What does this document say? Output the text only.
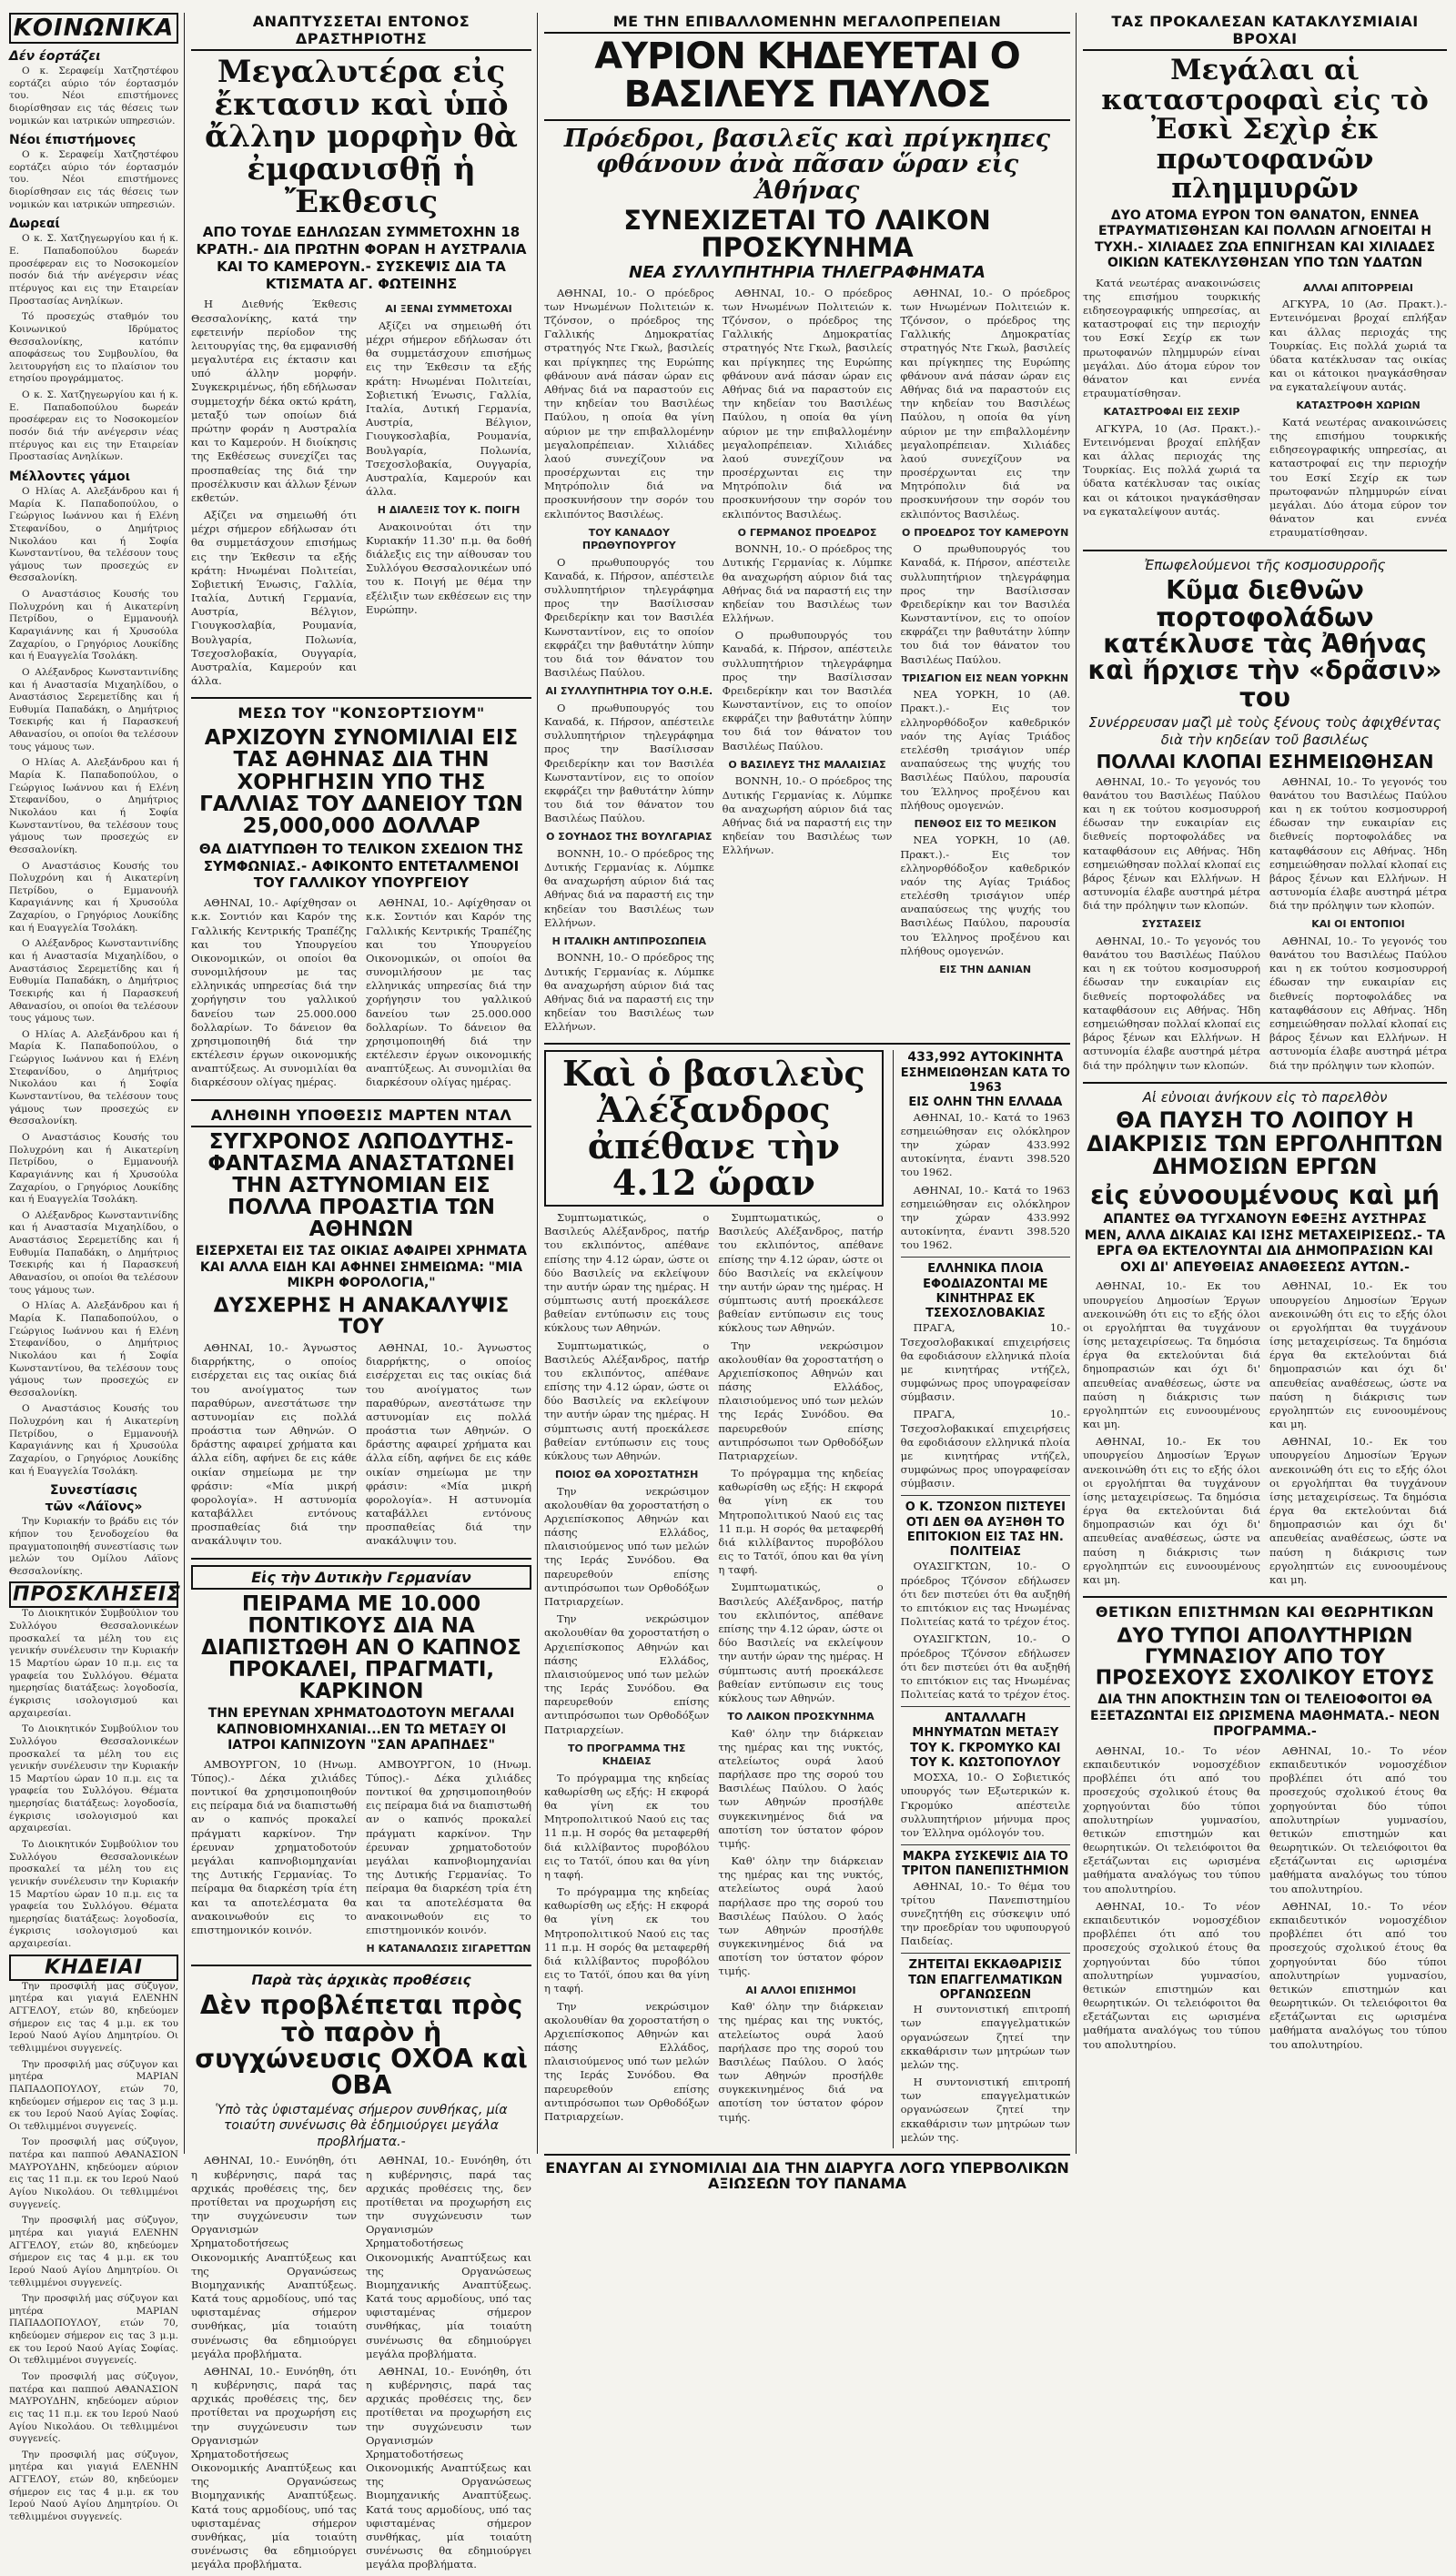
ΚΟΙΝΩΝΙΚΑ
Δέν έορτάζει

Ο κ. Σεραφείμ Χατζηστέφου εορτάζει αύριο τόν έορτασμόν του. Νέοι επιστήμονες διορίσθησαν εις τάς θέσεις των νομικών και ιατρικών υπηρεσιών.

Νέοι έπιστήμονες

Ο κ. Σεραφείμ Χατζηστέφου εορτάζει αύριο τόν έορτασμόν του. Νέοι επιστήμονες διορίσθησαν εις τάς θέσεις των νομικών και ιατρικών υπηρεσιών.

Δωρεαί

Ο κ. Σ. Χατζηγεωργίου και ή κ. Ε. Παπαδοπούλου δωρεάν προσέφεραν εις το Νοσοκομείον ποσόν διά τήν ανέγερσιν νέας πτέρυγος και εις την Εταιρείαν Προστασίας Ανηλίκων.

Τό προσεχώς σταθμόν του Κοινωνικού Ιδρύματος Θεσσαλονίκης, κατόπιν αποφάσεως του Συμβουλίου, θα λειτουργήση εις το πλαίσιον του ετησίου προγράμματος.

Ο κ. Σ. Χατζηγεωργίου και ή κ. Ε. Παπαδοπούλου δωρεάν προσέφεραν εις το Νοσοκομείον ποσόν διά τήν ανέγερσιν νέας πτέρυγος και εις την Εταιρείαν Προστασίας Ανηλίκων.

Μέλλοντες γάμοι

Ο Ηλίας Α. Αλεξάνδρου και ή Μαρία Κ. Παπαδοπούλου, ο Γεώργιος Ιωάννου και ή Ελένη Στεφανίδου, ο Δημήτριος Νικολάου και ή Σοφία Κωνσταντίνου, θα τελέσουν τους γάμους των προσεχώς εν Θεσσαλονίκη.

Ο Αναστάσιος Κουσής του Πολυχρόνη και ή Αικατερίνη Πετρίδου, ο Εμμανουήλ Καραγιάννης και ή Χρυσούλα Ζαχαρίου, ο Γρηγόριος Λουκίδης και ή Ευαγγελία Τσολάκη.

Ο Αλέξανδρος Κωνσταντινίδης και ή Αναστασία Μιχαηλίδου, ο Αναστάσιος Σερεμετίδης και ή Ευθυμία Παπαδάκη, ο Δημήτριος Τσεκιρής και ή Παρασκευή Αθανασίου, οι οποίοι θα τελέσουν τους γάμους των.

Ο Ηλίας Α. Αλεξάνδρου και ή Μαρία Κ. Παπαδοπούλου, ο Γεώργιος Ιωάννου και ή Ελένη Στεφανίδου, ο Δημήτριος Νικολάου και ή Σοφία Κωνσταντίνου, θα τελέσουν τους γάμους των προσεχώς εν Θεσσαλονίκη.

Ο Αναστάσιος Κουσής του Πολυχρόνη και ή Αικατερίνη Πετρίδου, ο Εμμανουήλ Καραγιάννης και ή Χρυσούλα Ζαχαρίου, ο Γρηγόριος Λουκίδης και ή Ευαγγελία Τσολάκη.

Ο Αλέξανδρος Κωνσταντινίδης και ή Αναστασία Μιχαηλίδου, ο Αναστάσιος Σερεμετίδης και ή Ευθυμία Παπαδάκη, ο Δημήτριος Τσεκιρής και ή Παρασκευή Αθανασίου, οι οποίοι θα τελέσουν τους γάμους των.

Ο Ηλίας Α. Αλεξάνδρου και ή Μαρία Κ. Παπαδοπούλου, ο Γεώργιος Ιωάννου και ή Ελένη Στεφανίδου, ο Δημήτριος Νικολάου και ή Σοφία Κωνσταντίνου, θα τελέσουν τους γάμους των προσεχώς εν Θεσσαλονίκη.

Ο Αναστάσιος Κουσής του Πολυχρόνη και ή Αικατερίνη Πετρίδου, ο Εμμανουήλ Καραγιάννης και ή Χρυσούλα Ζαχαρίου, ο Γρηγόριος Λουκίδης και ή Ευαγγελία Τσολάκη.

Ο Αλέξανδρος Κωνσταντινίδης και ή Αναστασία Μιχαηλίδου, ο Αναστάσιος Σερεμετίδης και ή Ευθυμία Παπαδάκη, ο Δημήτριος Τσεκιρής και ή Παρασκευή Αθανασίου, οι οποίοι θα τελέσουν τους γάμους των.

Ο Ηλίας Α. Αλεξάνδρου και ή Μαρία Κ. Παπαδοπούλου, ο Γεώργιος Ιωάννου και ή Ελένη Στεφανίδου, ο Δημήτριος Νικολάου και ή Σοφία Κωνσταντίνου, θα τελέσουν τους γάμους των προσεχώς εν Θεσσαλονίκη.

Ο Αναστάσιος Κουσής του Πολυχρόνη και ή Αικατερίνη Πετρίδου, ο Εμμανουήλ Καραγιάννης και ή Χρυσούλα Ζαχαρίου, ο Γρηγόριος Λουκίδης και ή Ευαγγελία Τσολάκη.

Συνεστίασις
τῶν «Λάϊονς»

Την Κυριακήν το βράδυ εις τόν κήπον του ξενοδοχείου θα πραγματοποιηθή συνεστίασις των μελών του Ομίλου Λάϊονς Θεσσαλονίκης.

ΠΡΟΣΚΛΗΣΕΙΣ

Το Διοικητικόν Συμβούλιον του Συλλόγου Θεσσαλονικέων προσκαλεί τα μέλη του εις γενικήν συνέλευσιν την Κυριακήν 15 Μαρτίου ώραν 10 π.μ. εις τα γραφεία του Συλλόγου. Θέματα ημερησίας διατάξεως: λογοδοσία, έγκρισις ισολογισμού και αρχαιρεσίαι.

Το Διοικητικόν Συμβούλιον του Συλλόγου Θεσσαλονικέων προσκαλεί τα μέλη του εις γενικήν συνέλευσιν την Κυριακήν 15 Μαρτίου ώραν 10 π.μ. εις τα γραφεία του Συλλόγου. Θέματα ημερησίας διατάξεως: λογοδοσία, έγκρισις ισολογισμού και αρχαιρεσίαι.

Το Διοικητικόν Συμβούλιον του Συλλόγου Θεσσαλονικέων προσκαλεί τα μέλη του εις γενικήν συνέλευσιν την Κυριακήν 15 Μαρτίου ώραν 10 π.μ. εις τα γραφεία του Συλλόγου. Θέματα ημερησίας διατάξεως: λογοδοσία, έγκρισις ισολογισμού και αρχαιρεσίαι.

ΚΗΔΕΙΑΙ

Την προσφιλή μας σύζυγον, μητέρα και γιαγιά ΕΛΕΝΗΝ ΑΓΓΕΛΟΥ, ετών 80, κηδεύομεν σήμερον εις τας 4 μ.μ. εκ του Ιερού Ναού Αγίου Δημητρίου. Οι τεθλιμμένοι συγγενείς.

Την προσφιλή μας σύζυγον και μητέρα ΜΑΡΙΑΝ ΠΑΠΑΔΟΠΟΥΛΟΥ, ετών 70, κηδεύομεν σήμερον εις τας 3 μ.μ. εκ του Ιερού Ναού Αγίας Σοφίας. Οι τεθλιμμένοι συγγενείς.

Τον προσφιλή μας σύζυγον, πατέρα και παππού ΑΘΑΝΑΣΙΟΝ ΜΑΥΡΟΥΔΗΝ, κηδεύομεν αύριον εις τας 11 π.μ. εκ του Ιερού Ναού Αγίου Νικολάου. Οι τεθλιμμένοι συγγενείς.

Την προσφιλή μας σύζυγον, μητέρα και γιαγιά ΕΛΕΝΗΝ ΑΓΓΕΛΟΥ, ετών 80, κηδεύομεν σήμερον εις τας 4 μ.μ. εκ του Ιερού Ναού Αγίου Δημητρίου. Οι τεθλιμμένοι συγγενείς.

Την προσφιλή μας σύζυγον και μητέρα ΜΑΡΙΑΝ ΠΑΠΑΔΟΠΟΥΛΟΥ, ετών 70, κηδεύομεν σήμερον εις τας 3 μ.μ. εκ του Ιερού Ναού Αγίας Σοφίας. Οι τεθλιμμένοι συγγενείς.

Τον προσφιλή μας σύζυγον, πατέρα και παππού ΑΘΑΝΑΣΙΟΝ ΜΑΥΡΟΥΔΗΝ, κηδεύομεν αύριον εις τας 11 π.μ. εκ του Ιερού Ναού Αγίου Νικολάου. Οι τεθλιμμένοι συγγενείς.

Την προσφιλή μας σύζυγον, μητέρα και γιαγιά ΕΛΕΝΗΝ ΑΓΓΕΛΟΥ, ετών 80, κηδεύομεν σήμερον εις τας 4 μ.μ. εκ του Ιερού Ναού Αγίου Δημητρίου. Οι τεθλιμμένοι συγγενείς.

ΑΝΑΠΤΥΣΣΕΤΑΙ ΕΝΤΟΝΟΣ ΔΡΑΣΤΗΡΙΟΤΗΣ
Μεγαλυτέρα εἰς ἔκτασιν καὶ ὑπὸ ἄλλην μορφὴν θὰ ἐμφανισθῇ ἡ Ἔκθεσις
ΑΠΟ ΤΟΥΔΕ ΕΔΗΛΩΣΑΝ ΣΥΜΜΕΤΟΧΗΝ 18 ΚΡΑΤΗ.- ΔΙΑ ΠΡΩΤΗΝ ΦΟΡΑΝ Η ΑΥΣΤΡΑΛΙΑ ΚΑΙ ΤΟ ΚΑΜΕΡΟΥΝ.- ΣΥΣΚΕΨΙΣ ΔΙΑ ΤΑ ΚΤΙΣΜΑΤΑ ΑΓ. ΦΩΤΕΙΝΗΣ

Η Διεθνής Έκθεσις Θεσσαλονίκης, κατά την εφετεινήν περίοδον της λειτουργίας της, θα εμφανισθή μεγαλυτέρα εις έκτασιν και υπό άλλην μορφήν. Συγκεκριμένως, ήδη εδήλωσαν συμμετοχήν δέκα οκτώ κράτη, μεταξύ των οποίων διά πρώτην φοράν η Αυστραλία και το Καμερούν. Η διοίκησις της Εκθέσεως συνεχίζει τας προσπαθείας της διά την προσέλκυσιν και άλλων ξένων εκθετών.

Αξίζει να σημειωθή ότι μέχρι σήμερον εδήλωσαν ότι θα συμμετάσχουν επισήμως εις την Έκθεσιν τα εξής κράτη: Ηνωμέναι Πολιτείαι, Σοβιετική Ένωσις, Γαλλία, Ιταλία, Δυτική Γερμανία, Αυστρία, Βέλγιον, Γιουγκοσλαβία, Ρουμανία, Βουλγαρία, Πολωνία, Τσεχοσλοβακία, Ουγγαρία, Αυστραλία, Καμερούν και άλλα.

ΑΙ ΞΕΝΑΙ ΣΥΜΜΕΤΟΧΑΙ

Αξίζει να σημειωθή ότι μέχρι σήμερον εδήλωσαν ότι θα συμμετάσχουν επισήμως εις την Έκθεσιν τα εξής κράτη: Ηνωμέναι Πολιτείαι, Σοβιετική Ένωσις, Γαλλία, Ιταλία, Δυτική Γερμανία, Αυστρία, Βέλγιον, Γιουγκοσλαβία, Ρουμανία, Βουλγαρία, Πολωνία, Τσεχοσλοβακία, Ουγγαρία, Αυστραλία, Καμερούν και άλλα.

Η ΔΙΑΛΕΞΙΣ ΤΟΥ Κ. ΠΟΙΓΗ

Ανακοινούται ότι την Κυριακήν 11.30' π.μ. θα δοθή διάλεξις εις την αίθουσαν του Συλλόγου Θεσσαλονικέων υπό του κ. Ποιγή με θέμα την εξέλιξιν των εκθέσεων εις την Ευρώπην.

ΜΕΣΩ ΤΟΥ "ΚΟΝΣΟΡΤΣΙΟΥΜ"
ΑΡΧΙΖΟΥΝ ΣΥΝΟΜΙΛΙΑΙ ΕΙΣ ΤΑΣ ΑΘΗΝΑΣ ΔΙΑ ΤΗΝ ΧΟΡΗΓΗΣΙΝ ΥΠΟ ΤΗΣ ΓΑΛΛΙΑΣ ΤΟΥ ΔΑΝΕΙΟΥ ΤΩΝ 25,000,000 ΔΟΛΛΑΡ
ΘΑ ΔΙΑΤΥΠΩΘΗ ΤΟ ΤΕΛΙΚΟΝ ΣΧΕΔΙΟΝ ΤΗΣ ΣΥΜΦΩΝΙΑΣ.- ΑΦΙΚΟΝΤΟ ΕΝΤΕΤΑΛΜΕΝΟΙ ΤΟΥ ΓΑΛΛΙΚΟΥ ΥΠΟΥΡΓΕΙΟΥ

ΑΘΗΝΑΙ, 10.- Αφίχθησαν οι κ.κ. Σοντιόν και Καρόν της Γαλλικής Κεντρικής Τραπέζης και του Υπουργείου Οικονομικών, οι οποίοι θα συνομιλήσουν με τας ελληνικάς υπηρεσίας διά την χορήγησιν του γαλλικού δανείου των 25.000.000 δολλαρίων. Το δάνειον θα χρησιμοποιηθή διά την εκτέλεσιν έργων οικονομικής αναπτύξεως. Αι συνομιλίαι θα διαρκέσουν ολίγας ημέρας.

ΑΘΗΝΑΙ, 10.- Αφίχθησαν οι κ.κ. Σοντιόν και Καρόν της Γαλλικής Κεντρικής Τραπέζης και του Υπουργείου Οικονομικών, οι οποίοι θα συνομιλήσουν με τας ελληνικάς υπηρεσίας διά την χορήγησιν του γαλλικού δανείου των 25.000.000 δολλαρίων. Το δάνειον θα χρησιμοποιηθή διά την εκτέλεσιν έργων οικονομικής αναπτύξεως. Αι συνομιλίαι θα διαρκέσουν ολίγας ημέρας.

ΑΛΗΘΙΝΗ ΥΠΟΘΕΣΙΣ ΜΑΡΤΕΝ ΝΤΑΛ
ΣΥΓΧΡΟΝΟΣ ΛΩΠΟΔΥΤΗΣ-ΦΑΝΤΑΣΜΑ ΑΝΑΣΤΑΤΩΝΕΙ ΤΗΝ ΑΣΤΥΝΟΜΙΑΝ ΕΙΣ ΠΟΛΛΑ ΠΡΟΑΣΤΙΑ ΤΩΝ ΑΘΗΝΩΝ
ΕΙΣΕΡΧΕΤΑΙ ΕΙΣ ΤΑΣ ΟΙΚΙΑΣ ΑΦΑΙΡΕΙ ΧΡΗΜΑΤΑ ΚΑΙ ΑΛΛΑ ΕΙΔΗ ΚΑΙ ΑΦΗΝΕΙ ΣΗΜΕΙΩΜΑ: "ΜΙΑ ΜΙΚΡΗ ΦΟΡΟΛΟΓΙΑ,"
ΔΥΣΧΕΡΗΣ Η ΑΝΑΚΑΛΥΨΙΣ ΤΟΥ

ΑΘΗΝΑΙ, 10.- Άγνωστος διαρρήκτης, ο οποίος εισέρχεται εις τας οικίας διά του ανοίγματος των παραθύρων, ανεστάτωσε την αστυνομίαν εις πολλά προάστια των Αθηνών. Ο δράστης αφαιρεί χρήματα και άλλα είδη, αφήνει δε εις κάθε οικίαν σημείωμα με την φράσιν: «Μία μικρή φορολογία». Η αστυνομία καταβάλλει εντόνους προσπαθείας διά την ανακάλυψιν του.

ΑΘΗΝΑΙ, 10.- Άγνωστος διαρρήκτης, ο οποίος εισέρχεται εις τας οικίας διά του ανοίγματος των παραθύρων, ανεστάτωσε την αστυνομίαν εις πολλά προάστια των Αθηνών. Ο δράστης αφαιρεί χρήματα και άλλα είδη, αφήνει δε εις κάθε οικίαν σημείωμα με την φράσιν: «Μία μικρή φορολογία». Η αστυνομία καταβάλλει εντόνους προσπαθείας διά την ανακάλυψιν του.

Εἰς τὴν Δυτικὴν Γερμανίαν
ΠΕΙΡΑΜΑ ΜΕ 10.000 ΠΟΝΤΙΚΟΥΣ ΔΙΑ ΝΑ ΔΙΑΠΙΣΤΩΘΗ ΑΝ Ο ΚΑΠΝΟΣ ΠΡΟΚΑΛΕΙ, ΠΡΑΓΜΑΤΙ, ΚΑΡΚΙΝΟΝ
ΤΗΝ ΕΡΕΥΝΑΝ ΧΡΗΜΑΤΟΔΟΤΟΥΝ ΜΕΓΑΛΑΙ ΚΑΠΝΟΒΙΟΜΗΧΑΝΙΑΙ...ΕΝ ΤΩ ΜΕΤΑΞΥ ΟΙ ΙΑΤΡΟΙ ΚΑΠΝΙΖΟΥΝ "ΣΑΝ ΑΡΑΠΗΔΕΣ"

ΑΜΒΟΥΡΓΟΝ, 10 (Ηνωμ. Τύπος).- Δέκα χιλιάδες ποντικοί θα χρησιμοποιηθούν εις πείραμα διά να διαπιστωθή αν ο καπνός προκαλεί πράγματι καρκίνον. Την έρευναν χρηματοδοτούν μεγάλαι καπνοβιομηχανίαι της Δυτικής Γερμανίας. Το πείραμα θα διαρκέση τρία έτη και τα αποτελέσματα θα ανακοινωθούν εις το επιστημονικόν κοινόν.

ΑΜΒΟΥΡΓΟΝ, 10 (Ηνωμ. Τύπος).- Δέκα χιλιάδες ποντικοί θα χρησιμοποιηθούν εις πείραμα διά να διαπιστωθή αν ο καπνός προκαλεί πράγματι καρκίνον. Την έρευναν χρηματοδοτούν μεγάλαι καπνοβιομηχανίαι της Δυτικής Γερμανίας. Το πείραμα θα διαρκέση τρία έτη και τα αποτελέσματα θα ανακοινωθούν εις το επιστημονικόν κοινόν.

Η ΚΑΤΑΝΑΛΩΣΙΣ ΣΙΓΑΡΕΤΤΩΝ
Παρὰ τὰς ἀρχικὰς προθέσεις
Δὲν προβλέπεται πρὸς τὸ παρὸν ἡ συγχώνευσις ΟΧΟΑ καὶ ΟΒΑ
Ὑπὸ τὰς ὑφισταμένας σήμερον συνθήκας, μία τοιαύτη συνένωσις θὰ ἐδημιούργει μεγάλα προβλήματα.-

ΑΘΗΝΑΙ, 10.- Ευνόηθη, ότι η κυβέρνησις, παρά τας αρχικάς προθέσεις της, δεν προτίθεται να προχωρήση εις την συγχώνευσιν των Οργανισμών Χρηματοδοτήσεως Οικονομικής Αναπτύξεως και της Οργανώσεως Βιομηχανικής Αναπτύξεως. Κατά τους αρμοδίους, υπό τας υφισταμένας σήμερον συνθήκας, μία τοιαύτη συνένωσις θα εδημιούργει μεγάλα προβλήματα.

ΑΘΗΝΑΙ, 10.- Ευνόηθη, ότι η κυβέρνησις, παρά τας αρχικάς προθέσεις της, δεν προτίθεται να προχωρήση εις την συγχώνευσιν των Οργανισμών Χρηματοδοτήσεως Οικονομικής Αναπτύξεως και της Οργανώσεως Βιομηχανικής Αναπτύξεως. Κατά τους αρμοδίους, υπό τας υφισταμένας σήμερον συνθήκας, μία τοιαύτη συνένωσις θα εδημιούργει μεγάλα προβλήματα.

ΑΘΗΝΑΙ, 10.- Ευνόηθη, ότι η κυβέρνησις, παρά τας αρχικάς προθέσεις της, δεν προτίθεται να προχωρήση εις την συγχώνευσιν των Οργανισμών Χρηματοδοτήσεως Οικονομικής Αναπτύξεως και της Οργανώσεως Βιομηχανικής Αναπτύξεως. Κατά τους αρμοδίους, υπό τας υφισταμένας σήμερον συνθήκας, μία τοιαύτη συνένωσις θα εδημιούργει μεγάλα προβλήματα.

ΑΘΗΝΑΙ, 10.- Ευνόηθη, ότι η κυβέρνησις, παρά τας αρχικάς προθέσεις της, δεν προτίθεται να προχωρήση εις την συγχώνευσιν των Οργανισμών Χρηματοδοτήσεως Οικονομικής Αναπτύξεως και της Οργανώσεως Βιομηχανικής Αναπτύξεως. Κατά τους αρμοδίους, υπό τας υφισταμένας σήμερον συνθήκας, μία τοιαύτη συνένωσις θα εδημιούργει μεγάλα προβλήματα.

ΜΕ ΤΗΝ ΕΠΙΒΑΛΛΟΜΕΝΗΝ ΜΕΓΑΛΟΠΡΕΠΕΙΑΝ
ΑΥΡΙΟΝ ΚΗΔΕΥΕΤΑΙ Ο ΒΑΣΙΛΕΥΣ ΠΑΥΛΟΣ
Πρόεδροι, βασιλεῖς καὶ πρίγκηπες φθάνουν ἀνὰ πᾶσαν ὥραν εἰς Ἀθήνας
ΣΥΝΕΧΙΖΕΤΑΙ ΤΟ ΛΑΙΚΟΝ ΠΡΟΣΚΥΝΗΜΑ
ΝΕΑ ΣΥΛΛΥΠΗΤΗΡΙΑ ΤΗΛΕΓΡΑΦΗΜΑΤΑ

ΑΘΗΝΑΙ, 10.- Ο πρόεδρος των Ηνωμένων Πολιτειών κ. Τζόνσον, ο πρόεδρος της Γαλλικής Δημοκρατίας στρατηγός Ντε Γκωλ, βασιλείς και πρίγκηπες της Ευρώπης φθάνουν ανά πάσαν ώραν εις Αθήνας διά να παραστούν εις την κηδείαν του Βασιλέως Παύλου, η οποία θα γίνη αύριον με την επιβαλλομένην μεγαλοπρέπειαν. Χιλιάδες λαού συνεχίζουν να προσέρχωνται εις την Μητρόπολιν διά να προσκυνήσουν την σορόν του εκλιπόντος Βασιλέως.

ΤΟΥ ΚΑΝΑΔΟΥ ΠΡΩΘΥΠΟΥΡΓΟΥ

Ο πρωθυπουργός του Καναδά, κ. Πήρσον, απέστειλε συλλυπητήριον τηλεγράφημα προς την Βασίλισσαν Φρειδερίκην και τον Βασιλέα Κωνσταντίνον, εις το οποίον εκφράζει την βαθυτάτην λύπην του διά τον θάνατον του Βασιλέως Παύλου.

ΑΙ ΣΥΛΛΥΠΗΤΗΡΙΑ ΤΟΥ Ο.Η.Ε.

Ο πρωθυπουργός του Καναδά, κ. Πήρσον, απέστειλε συλλυπητήριον τηλεγράφημα προς την Βασίλισσαν Φρειδερίκην και τον Βασιλέα Κωνσταντίνον, εις το οποίον εκφράζει την βαθυτάτην λύπην του διά τον θάνατον του Βασιλέως Παύλου.

Ο ΣΟΥΗΔΟΣ ΤΗΣ ΒΟΥΛΓΑΡΙΑΣ

ΒΟΝΝΗ, 10.- Ο πρόεδρος της Δυτικής Γερμανίας κ. Λύμπκε θα αναχωρήση αύριον διά τας Αθήνας διά να παραστή εις την κηδείαν του Βασιλέως των Ελλήνων.

Η ΙΤΑΛΙΚΗ ΑΝΤΙΠΡΟΣΩΠΕΙΑ

ΒΟΝΝΗ, 10.- Ο πρόεδρος της Δυτικής Γερμανίας κ. Λύμπκε θα αναχωρήση αύριον διά τας Αθήνας διά να παραστή εις την κηδείαν του Βασιλέως των Ελλήνων.

ΑΘΗΝΑΙ, 10.- Ο πρόεδρος των Ηνωμένων Πολιτειών κ. Τζόνσον, ο πρόεδρος της Γαλλικής Δημοκρατίας στρατηγός Ντε Γκωλ, βασιλείς και πρίγκηπες της Ευρώπης φθάνουν ανά πάσαν ώραν εις Αθήνας διά να παραστούν εις την κηδείαν του Βασιλέως Παύλου, η οποία θα γίνη αύριον με την επιβαλλομένην μεγαλοπρέπειαν. Χιλιάδες λαού συνεχίζουν να προσέρχωνται εις την Μητρόπολιν διά να προσκυνήσουν την σορόν του εκλιπόντος Βασιλέως.

Ο ΓΕΡΜΑΝΟΣ ΠΡΟΕΔΡΟΣ

ΒΟΝΝΗ, 10.- Ο πρόεδρος της Δυτικής Γερμανίας κ. Λύμπκε θα αναχωρήση αύριον διά τας Αθήνας διά να παραστή εις την κηδείαν του Βασιλέως των Ελλήνων.

Ο πρωθυπουργός του Καναδά, κ. Πήρσον, απέστειλε συλλυπητήριον τηλεγράφημα προς την Βασίλισσαν Φρειδερίκην και τον Βασιλέα Κωνσταντίνον, εις το οποίον εκφράζει την βαθυτάτην λύπην του διά τον θάνατον του Βασιλέως Παύλου.

Ο ΒΑΣΙΛΕΥΣ ΤΗΣ ΜΑΛΑΙΣΙΑΣ

ΒΟΝΝΗ, 10.- Ο πρόεδρος της Δυτικής Γερμανίας κ. Λύμπκε θα αναχωρήση αύριον διά τας Αθήνας διά να παραστή εις την κηδείαν του Βασιλέως των Ελλήνων.

ΑΘΗΝΑΙ, 10.- Ο πρόεδρος των Ηνωμένων Πολιτειών κ. Τζόνσον, ο πρόεδρος της Γαλλικής Δημοκρατίας στρατηγός Ντε Γκωλ, βασιλείς και πρίγκηπες της Ευρώπης φθάνουν ανά πάσαν ώραν εις Αθήνας διά να παραστούν εις την κηδείαν του Βασιλέως Παύλου, η οποία θα γίνη αύριον με την επιβαλλομένην μεγαλοπρέπειαν. Χιλιάδες λαού συνεχίζουν να προσέρχωνται εις την Μητρόπολιν διά να προσκυνήσουν την σορόν του εκλιπόντος Βασιλέως.

Ο ΠΡΟΕΔΡΟΣ ΤΟΥ ΚΑΜΕΡΟΥΝ

Ο πρωθυπουργός του Καναδά, κ. Πήρσον, απέστειλε συλλυπητήριον τηλεγράφημα προς την Βασίλισσαν Φρειδερίκην και τον Βασιλέα Κωνσταντίνον, εις το οποίον εκφράζει την βαθυτάτην λύπην του διά τον θάνατον του Βασιλέως Παύλου.

ΤΡΙΣΑΓΙΟΝ ΕΙΣ ΝΕΑΝ ΥΟΡΚΗΝ

ΝΕΑ ΥΟΡΚΗ, 10 (Αθ. Πρακτ.).- Εις τον ελληνορθόδοξον καθεδρικόν ναόν της Αγίας Τριάδος ετελέσθη τρισάγιον υπέρ αναπαύσεως της ψυχής του Βασιλέως Παύλου, παρουσία του Έλληνος προξένου και πλήθους ομογενών.

ΠΕΝΘΟΣ ΕΙΣ ΤΟ ΜΕΞΙΚΟΝ

ΝΕΑ ΥΟΡΚΗ, 10 (Αθ. Πρακτ.).- Εις τον ελληνορθόδοξον καθεδρικόν ναόν της Αγίας Τριάδος ετελέσθη τρισάγιον υπέρ αναπαύσεως της ψυχής του Βασιλέως Παύλου, παρουσία του Έλληνος προξένου και πλήθους ομογενών.

ΕΙΣ ΤΗΝ ΔΑΝΙΑΝ
Καὶ ὁ βασιλεὺς Ἀλέξανδρος ἀπέθανε τὴν 4.12 ὥραν

Συμπτωματικώς, ο Βασιλεύς Αλέξανδρος, πατήρ του εκλιπόντος, απέθανε επίσης την 4.12 ώραν, ώστε οι δύο Βασιλείς να εκλείψουν την αυτήν ώραν της ημέρας. Η σύμπτωσις αυτή προεκάλεσε βαθείαν εντύπωσιν εις τους κύκλους των Αθηνών.

Συμπτωματικώς, ο Βασιλεύς Αλέξανδρος, πατήρ του εκλιπόντος, απέθανε επίσης την 4.12 ώραν, ώστε οι δύο Βασιλείς να εκλείψουν την αυτήν ώραν της ημέρας. Η σύμπτωσις αυτή προεκάλεσε βαθείαν εντύπωσιν εις τους κύκλους των Αθηνών.

ΠΟΙΟΣ ΘΑ ΧΟΡΟΣΤΑΤΗΣΗ

Την νεκρώσιμον ακολουθίαν θα χοροστατήση ο Αρχιεπίσκοπος Αθηνών και πάσης Ελλάδος, πλαισιούμενος υπό των μελών της Ιεράς Συνόδου. Θα παρευρεθούν επίσης αντιπρόσωποι των Ορθοδόξων Πατριαρχείων.

Την νεκρώσιμον ακολουθίαν θα χοροστατήση ο Αρχιεπίσκοπος Αθηνών και πάσης Ελλάδος, πλαισιούμενος υπό των μελών της Ιεράς Συνόδου. Θα παρευρεθούν επίσης αντιπρόσωποι των Ορθοδόξων Πατριαρχείων.

ΤΟ ΠΡΟΓΡΑΜΜΑ ΤΗΣ ΚΗΔΕΙΑΣ

Το πρόγραμμα της κηδείας καθωρίσθη ως εξής: Η εκφορά θα γίνη εκ του Μητροπολιτικού Ναού εις τας 11 π.μ. Η σορός θα μεταφερθή διά κιλλίβαντος πυροβόλου εις το Τατόϊ, όπου και θα γίνη η ταφή.

Το πρόγραμμα της κηδείας καθωρίσθη ως εξής: Η εκφορά θα γίνη εκ του Μητροπολιτικού Ναού εις τας 11 π.μ. Η σορός θα μεταφερθή διά κιλλίβαντος πυροβόλου εις το Τατόϊ, όπου και θα γίνη η ταφή.

Την νεκρώσιμον ακολουθίαν θα χοροστατήση ο Αρχιεπίσκοπος Αθηνών και πάσης Ελλάδος, πλαισιούμενος υπό των μελών της Ιεράς Συνόδου. Θα παρευρεθούν επίσης αντιπρόσωποι των Ορθοδόξων Πατριαρχείων.

Συμπτωματικώς, ο Βασιλεύς Αλέξανδρος, πατήρ του εκλιπόντος, απέθανε επίσης την 4.12 ώραν, ώστε οι δύο Βασιλείς να εκλείψουν την αυτήν ώραν της ημέρας. Η σύμπτωσις αυτή προεκάλεσε βαθείαν εντύπωσιν εις τους κύκλους των Αθηνών.

Την νεκρώσιμον ακολουθίαν θα χοροστατήση ο Αρχιεπίσκοπος Αθηνών και πάσης Ελλάδος, πλαισιούμενος υπό των μελών της Ιεράς Συνόδου. Θα παρευρεθούν επίσης αντιπρόσωποι των Ορθοδόξων Πατριαρχείων.

Το πρόγραμμα της κηδείας καθωρίσθη ως εξής: Η εκφορά θα γίνη εκ του Μητροπολιτικού Ναού εις τας 11 π.μ. Η σορός θα μεταφερθή διά κιλλίβαντος πυροβόλου εις το Τατόϊ, όπου και θα γίνη η ταφή.

Συμπτωματικώς, ο Βασιλεύς Αλέξανδρος, πατήρ του εκλιπόντος, απέθανε επίσης την 4.12 ώραν, ώστε οι δύο Βασιλείς να εκλείψουν την αυτήν ώραν της ημέρας. Η σύμπτωσις αυτή προεκάλεσε βαθείαν εντύπωσιν εις τους κύκλους των Αθηνών.

ΤΟ ΛΑΙΚΟΝ ΠΡΟΣΚΥΝΗΜΑ

Καθ' όλην την διάρκειαν της ημέρας και της νυκτός, ατελείωτος ουρά λαού παρήλασε προ της σορού του Βασιλέως Παύλου. Ο λαός των Αθηνών προσήλθε συγκεκινημένος διά να αποτίση τον ύστατον φόρον τιμής.

Καθ' όλην την διάρκειαν της ημέρας και της νυκτός, ατελείωτος ουρά λαού παρήλασε προ της σορού του Βασιλέως Παύλου. Ο λαός των Αθηνών προσήλθε συγκεκινημένος διά να αποτίση τον ύστατον φόρον τιμής.

ΑΙ ΑΛΛΟΙ ΕΠΙΣΗΜΟΙ

Καθ' όλην την διάρκειαν της ημέρας και της νυκτός, ατελείωτος ουρά λαού παρήλασε προ της σορού του Βασιλέως Παύλου. Ο λαός των Αθηνών προσήλθε συγκεκινημένος διά να αποτίση τον ύστατον φόρον τιμής.

433,992 ΑΥΤΟΚΙΝΗΤΑ
ΕΣΗΜΕΙΩΘΗΣΑΝ ΚΑΤΑ ΤΟ 1963
ΕΙΣ ΟΛΗΝ ΤΗΝ ΕΛΛΑΔΑ

ΑΘΗΝΑΙ, 10.- Κατά το 1963 εσημειώθησαν εις ολόκληρον την χώραν 433.992 αυτοκίνητα, έναντι 398.520 του 1962.

ΑΘΗΝΑΙ, 10.- Κατά το 1963 εσημειώθησαν εις ολόκληρον την χώραν 433.992 αυτοκίνητα, έναντι 398.520 του 1962.

ΕΛΛΗΝΙΚΑ ΠΛΟΙΑ ΕΦΟΔΙΑΖΟΝΤΑΙ ΜΕ ΚΙΝΗΤΗΡΑΣ ΕΚ ΤΣΕΧΟΣΛΟΒΑΚΙΑΣ

ΠΡΑΓΑ, 10.- Τσεχοσλοβακικαί επιχειρήσεις θα εφοδιάσουν ελληνικά πλοία με κινητήρας ντήζελ, συμφώνως προς υπογραφείσαν σύμβασιν.

ΠΡΑΓΑ, 10.- Τσεχοσλοβακικαί επιχειρήσεις θα εφοδιάσουν ελληνικά πλοία με κινητήρας ντήζελ, συμφώνως προς υπογραφείσαν σύμβασιν.

Ο Κ. ΤΖΟΝΣΟΝ ΠΙΣΤΕΥΕΙ ΟΤΙ ΔΕΝ ΘΑ ΑΥΞΗΘΗ ΤΟ ΕΠΙΤΟΚΙΟΝ ΕΙΣ ΤΑΣ ΗΝ. ΠΟΛΙΤΕΙΑΣ

ΟΥΑΣΙΓΚΤΩΝ, 10.- Ο πρόεδρος Τζόνσον εδήλωσεν ότι δεν πιστεύει ότι θα αυξηθή το επιτόκιον εις τας Ηνωμένας Πολιτείας κατά το τρέχον έτος.

ΟΥΑΣΙΓΚΤΩΝ, 10.- Ο πρόεδρος Τζόνσον εδήλωσεν ότι δεν πιστεύει ότι θα αυξηθή το επιτόκιον εις τας Ηνωμένας Πολιτείας κατά το τρέχον έτος.

ΑΝΤΑΛΛΑΓΗ ΜΗΝΥΜΑΤΩΝ ΜΕΤΑΞΥ ΤΟΥ Κ. ΓΚΡΟΜΥΚΟ ΚΑΙ ΤΟΥ Κ. ΚΩΣΤΟΠΟΥΛΟΥ

ΜΟΣΧΑ, 10.- Ο Σοβιετικός υπουργός των Εξωτερικών κ. Γκρομύκο απέστειλε συλλυπητήριον μήνυμα προς τον Έλληνα ομόλογόν του.

ΜΑΚΡΑ ΣΥΣΚΕΨΙΣ ΔΙΑ ΤΟ ΤΡΙΤΟΝ ΠΑΝΕΠΙΣΤΗΜΙΟΝ

ΑΘΗΝΑΙ, 10.- Το θέμα του τρίτου Πανεπιστημίου συνεζητήθη εις σύσκεψιν υπό την προεδρίαν του υφυπουργού Παιδείας.

ΖΗΤΕΙΤΑΙ ΕΚΚΑΘΑΡΙΣΙΣ ΤΩΝ ΕΠΑΓΓΕΛΜΑΤΙΚΩΝ ΟΡΓΑΝΩΣΕΩΝ

Η συντονιστική επιτροπή των επαγγελματικών οργανώσεων ζητεί την εκκαθάρισιν των μητρώων των μελών της.

Η συντονιστική επιτροπή των επαγγελματικών οργανώσεων ζητεί την εκκαθάρισιν των μητρώων των μελών της.

ΕΝΑΥΓΑΝ ΑΙ ΣΥΝΟΜΙΛΙΑΙ ΔΙΑ ΤΗΝ ΔΙΑΡΥΓΑ ΛΟΓΩ ΥΠΕΡΒΟΛΙΚΩΝ ΑΞΙΩΣΕΩΝ ΤΟΥ ΠΑΝΑΜΑ
ΤΑΣ ΠΡΟΚΑΛΕΣΑΝ ΚΑΤΑΚΛΥΣΜΙΑΙΑΙ ΒΡΟΧΑΙ
Μεγάλαι αἱ καταστροφαὶ εἰς τὸ Ἐσκὶ Σεχὶρ ἐκ πρωτοφανῶν πλημμυρῶν
ΔΥΟ ΑΤΟΜΑ ΕΥΡΟΝ ΤΟΝ ΘΑΝΑΤΟΝ, ΕΝΝΕΑ ΕΤΡΑΥΜΑΤΙΣΘΗΣΑΝ ΚΑΙ ΠΟΛΛΩΝ ΑΓΝΟΕΙΤΑΙ Η ΤΥΧΗ.- ΧΙΛΙΑΔΕΣ ΖΩΑ ΕΠΝΙΓΗΣΑΝ ΚΑΙ ΧΙΛΙΑΔΕΣ ΟΙΚΙΩΝ ΚΑΤΕΚΛΥΣΘΗΣΑΝ ΥΠΟ ΤΩΝ ΥΔΑΤΩΝ

Κατά νεωτέρας ανακοινώσεις της επισήμου τουρκικής ειδησεογραφικής υπηρεσίας, αι καταστροφαί εις την περιοχήν του Εσκί Σεχίρ εκ των πρωτοφανών πλημμυρών είναι μεγάλαι. Δύο άτομα εύρον τον θάνατον και εννέα ετραυματίσθησαν.

ΚΑΤΑΣΤΡΟΦΑΙ ΕΙΣ ΣΕΧΙΡ

ΑΓΚΥΡΑ, 10 (Ασ. Πρακτ.).- Εντεινόμεναι βροχαί επλήξαν και άλλας περιοχάς της Τουρκίας. Εις πολλά χωριά τα ύδατα κατέκλυσαν τας οικίας και οι κάτοικοι ηναγκάσθησαν να εγκαταλείψουν αυτάς.

ΑΛΛΑΙ ΑΠΙΤΟΡΡΕΙΑΙ

ΑΓΚΥΡΑ, 10 (Ασ. Πρακτ.).- Εντεινόμεναι βροχαί επλήξαν και άλλας περιοχάς της Τουρκίας. Εις πολλά χωριά τα ύδατα κατέκλυσαν τας οικίας και οι κάτοικοι ηναγκάσθησαν να εγκαταλείψουν αυτάς.

ΚΑΤΑΣΤΡΟΦΗ ΧΩΡΙΩΝ

Κατά νεωτέρας ανακοινώσεις της επισήμου τουρκικής ειδησεογραφικής υπηρεσίας, αι καταστροφαί εις την περιοχήν του Εσκί Σεχίρ εκ των πρωτοφανών πλημμυρών είναι μεγάλαι. Δύο άτομα εύρον τον θάνατον και εννέα ετραυματίσθησαν.

Ἐπωφελούμενοι τῆς κοσμοσυρροῆς
Κῦμα διεθνῶν πορτοφολάδων κατέκλυσε τὰς Ἀθήνας καὶ ἤρχισε τὴν «δρᾶσιν» του
Συνέρρευσαν μαζὶ μὲ τοὺς ξένους τοὺς ἀφιχθέντας διὰ τὴν κηδείαν τοῦ βασιλέως
ΠΟΛΛΑΙ ΚΛΟΠΑΙ ΕΣΗΜΕΙΩΘΗΣΑΝ

ΑΘΗΝΑΙ, 10.- Το γεγονός του θανάτου του Βασιλέως Παύλου και η εκ τούτου κοσμοσυρροή έδωσαν την ευκαιρίαν εις διεθνείς πορτοφολάδες να καταφθάσουν εις Αθήνας. Ήδη εσημειώθησαν πολλαί κλοπαί εις βάρος ξένων και Ελλήνων. Η αστυνομία έλαβε αυστηρά μέτρα διά την πρόληψιν των κλοπών.

ΣΥΣΤΑΣΕΙΣ

ΑΘΗΝΑΙ, 10.- Το γεγονός του θανάτου του Βασιλέως Παύλου και η εκ τούτου κοσμοσυρροή έδωσαν την ευκαιρίαν εις διεθνείς πορτοφολάδες να καταφθάσουν εις Αθήνας. Ήδη εσημειώθησαν πολλαί κλοπαί εις βάρος ξένων και Ελλήνων. Η αστυνομία έλαβε αυστηρά μέτρα διά την πρόληψιν των κλοπών.

ΑΘΗΝΑΙ, 10.- Το γεγονός του θανάτου του Βασιλέως Παύλου και η εκ τούτου κοσμοσυρροή έδωσαν την ευκαιρίαν εις διεθνείς πορτοφολάδες να καταφθάσουν εις Αθήνας. Ήδη εσημειώθησαν πολλαί κλοπαί εις βάρος ξένων και Ελλήνων. Η αστυνομία έλαβε αυστηρά μέτρα διά την πρόληψιν των κλοπών.

ΚΑΙ ΟΙ ΕΝΤΟΠΙΟΙ

ΑΘΗΝΑΙ, 10.- Το γεγονός του θανάτου του Βασιλέως Παύλου και η εκ τούτου κοσμοσυρροή έδωσαν την ευκαιρίαν εις διεθνείς πορτοφολάδες να καταφθάσουν εις Αθήνας. Ήδη εσημειώθησαν πολλαί κλοπαί εις βάρος ξένων και Ελλήνων. Η αστυνομία έλαβε αυστηρά μέτρα διά την πρόληψιν των κλοπών.

Αἱ εὐνοιαι ἀνήκουν εἰς τὸ παρελθὸν
ΘΑ ΠΑΥΣΗ ΤΟ ΛΟΙΠΟΥ Η ΔΙΑΚΡΙΣΙΣ ΤΩΝ ΕΡΓΟΛΗΠΤΩΝ ΔΗΜΟΣΙΩΝ ΕΡΓΩΝ
εἰς εὐνοουμένους καὶ μή
ΑΠΑΝΤΕΣ ΘΑ ΤΥΓΧΑΝΟΥΝ ΕΦΕΞΗΣ ΑΥΣΤΗΡΑΣ ΜΕΝ, ΑΛΛΑ ΔΙΚΑΙΑΣ ΚΑΙ ΙΣΗΣ ΜΕΤΑΧΕΙΡΙΣΕΩΣ.- ΤΑ ΕΡΓΑ ΘΑ ΕΚΤΕΛΟΥΝΤΑΙ ΔΙΑ ΔΗΜΟΠΡΑΣΙΩΝ ΚΑΙ ΟΧΙ ΔΙ' ΑΠΕΥΘΕΙΑΣ ΑΝΑΘΕΣΕΩΣ ΑΥΤΩΝ.-

ΑΘΗΝΑΙ, 10.- Εκ του υπουργείου Δημοσίων Έργων ανεκοινώθη ότι εις το εξής όλοι οι εργολήπται θα τυγχάνουν ίσης μεταχειρίσεως. Τα δημόσια έργα θα εκτελούνται διά δημοπρασιών και όχι δι' απευθείας αναθέσεως, ώστε να παύση η διάκρισις των εργοληπτών εις ευνοουμένους και μη.

ΑΘΗΝΑΙ, 10.- Εκ του υπουργείου Δημοσίων Έργων ανεκοινώθη ότι εις το εξής όλοι οι εργολήπται θα τυγχάνουν ίσης μεταχειρίσεως. Τα δημόσια έργα θα εκτελούνται διά δημοπρασιών και όχι δι' απευθείας αναθέσεως, ώστε να παύση η διάκρισις των εργοληπτών εις ευνοουμένους και μη.

ΑΘΗΝΑΙ, 10.- Εκ του υπουργείου Δημοσίων Έργων ανεκοινώθη ότι εις το εξής όλοι οι εργολήπται θα τυγχάνουν ίσης μεταχειρίσεως. Τα δημόσια έργα θα εκτελούνται διά δημοπρασιών και όχι δι' απευθείας αναθέσεως, ώστε να παύση η διάκρισις των εργοληπτών εις ευνοουμένους και μη.

ΑΘΗΝΑΙ, 10.- Εκ του υπουργείου Δημοσίων Έργων ανεκοινώθη ότι εις το εξής όλοι οι εργολήπται θα τυγχάνουν ίσης μεταχειρίσεως. Τα δημόσια έργα θα εκτελούνται διά δημοπρασιών και όχι δι' απευθείας αναθέσεως, ώστε να παύση η διάκρισις των εργοληπτών εις ευνοουμένους και μη.

ΘΕΤΙΚΩΝ ΕΠΙΣΤΗΜΩΝ ΚΑΙ ΘΕΩΡΗΤΙΚΩΝ
ΔΥΟ ΤΥΠΟΙ ΑΠΟΛΥΤΗΡΙΩΝ ΓΥΜΝΑΣΙΟΥ ΑΠΟ ΤΟΥ ΠΡΟΣΕΧΟΥΣ ΣΧΟΛΙΚΟΥ ΕΤΟΥΣ
ΔΙΑ ΤΗΝ ΑΠΟΚΤΗΣΙΝ ΤΩΝ ΟΙ ΤΕΛΕΙΟΦΟΙΤΟΙ ΘΑ ΕΞΕΤΑΖΩΝΤΑΙ ΕΙΣ ΩΡΙΣΜΕΝΑ ΜΑΘΗΜΑΤΑ.- ΝΕΟΝ ΠΡΟΓΡΑΜΜΑ.-

ΑΘΗΝΑΙ, 10.- Το νέον εκπαιδευτικόν νομοσχέδιον προβλέπει ότι από του προσεχούς σχολικού έτους θα χορηγούνται δύο τύποι απολυτηρίων γυμνασίου, θετικών επιστημών και θεωρητικών. Οι τελειόφοιτοι θα εξετάζωνται εις ωρισμένα μαθήματα αναλόγως του τύπου του απολυτηρίου.

ΑΘΗΝΑΙ, 10.- Το νέον εκπαιδευτικόν νομοσχέδιον προβλέπει ότι από του προσεχούς σχολικού έτους θα χορηγούνται δύο τύποι απολυτηρίων γυμνασίου, θετικών επιστημών και θεωρητικών. Οι τελειόφοιτοι θα εξετάζωνται εις ωρισμένα μαθήματα αναλόγως του τύπου του απολυτηρίου.

ΑΘΗΝΑΙ, 10.- Το νέον εκπαιδευτικόν νομοσχέδιον προβλέπει ότι από του προσεχούς σχολικού έτους θα χορηγούνται δύο τύποι απολυτηρίων γυμνασίου, θετικών επιστημών και θεωρητικών. Οι τελειόφοιτοι θα εξετάζωνται εις ωρισμένα μαθήματα αναλόγως του τύπου του απολυτηρίου.

ΑΘΗΝΑΙ, 10.- Το νέον εκπαιδευτικόν νομοσχέδιον προβλέπει ότι από του προσεχούς σχολικού έτους θα χορηγούνται δύο τύποι απολυτηρίων γυμνασίου, θετικών επιστημών και θεωρητικών. Οι τελειόφοιτοι θα εξετάζωνται εις ωρισμένα μαθήματα αναλόγως του τύπου του απολυτηρίου.
